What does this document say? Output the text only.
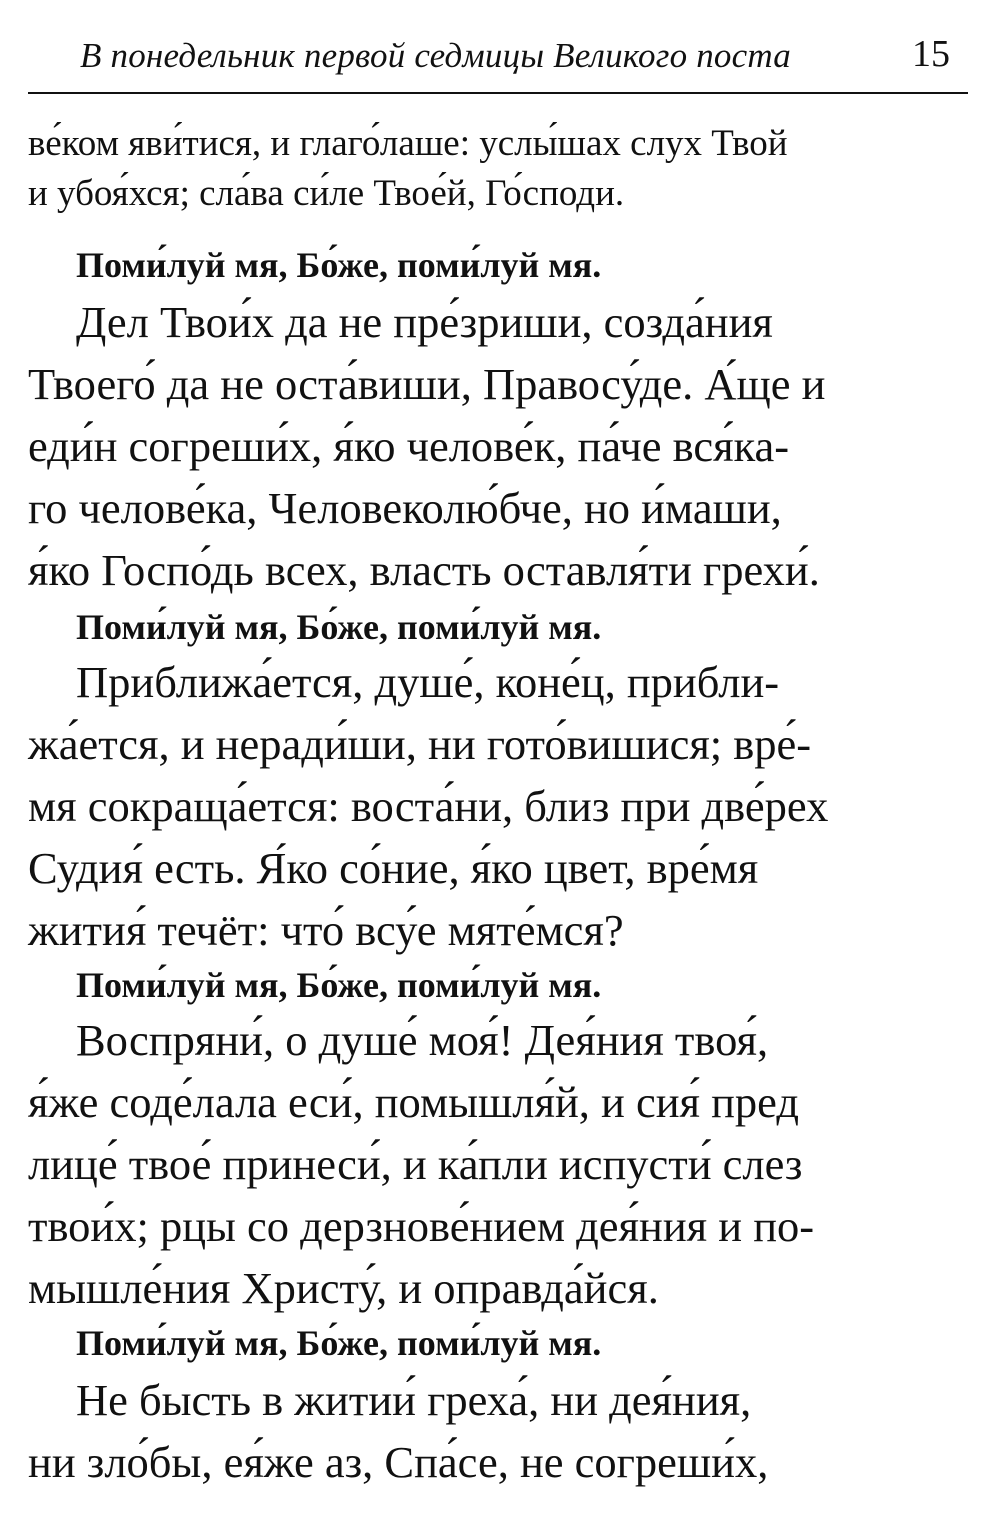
В понедельник первой седмицы Великого поста	15
ве́ком яви́тися, и глаго́лаше: услы́шах слух Твой
и убоя́хся; сла́ва си́ле Твое́й, Го́споди.
Поми́луй мя, Бо́же, поми́луй мя.
Дел Твои́х да не пре́зриши, созда́ния
Твоего́ да не оста́виши, Правосу́де. А́ще и
еди́н согреши́х, я́ко челове́к, па́че вся́ка-
го челове́ка, Человеколю́бче, но и́маши,
я́ко Госпо́дь всех, власть оставля́ти грехи́.
Поми́луй мя, Бо́же, поми́луй мя.
Приближа́ется, душе́, коне́ц, прибли-
жа́ется, и неради́ши, ни гото́вишися; вре́-
мя сокраща́ется: воста́ни, близ при две́рех
Судия́ есть. Я́ко со́ние, я́ко цвет, вре́мя
жития́ течёт: что́ всу́е мяте́мся?
Поми́луй мя, Бо́же, поми́луй мя.
Воспряни́, о душе́ моя́! Дея́ния твоя́,
я́же соде́лала еси́, помышля́й, и сия́ пред
лице́ твое́ принеси́, и ка́пли испусти́ слез
твои́х; рцы со дерзнове́нием дея́ния и по-
мышле́ния Христу́, и оправда́йся.
Поми́луй мя, Бо́же, поми́луй мя.
Не бысть в житии́ греха́, ни дея́ния,
ни зло́бы, ея́же аз, Спа́се, не согреши́х,
